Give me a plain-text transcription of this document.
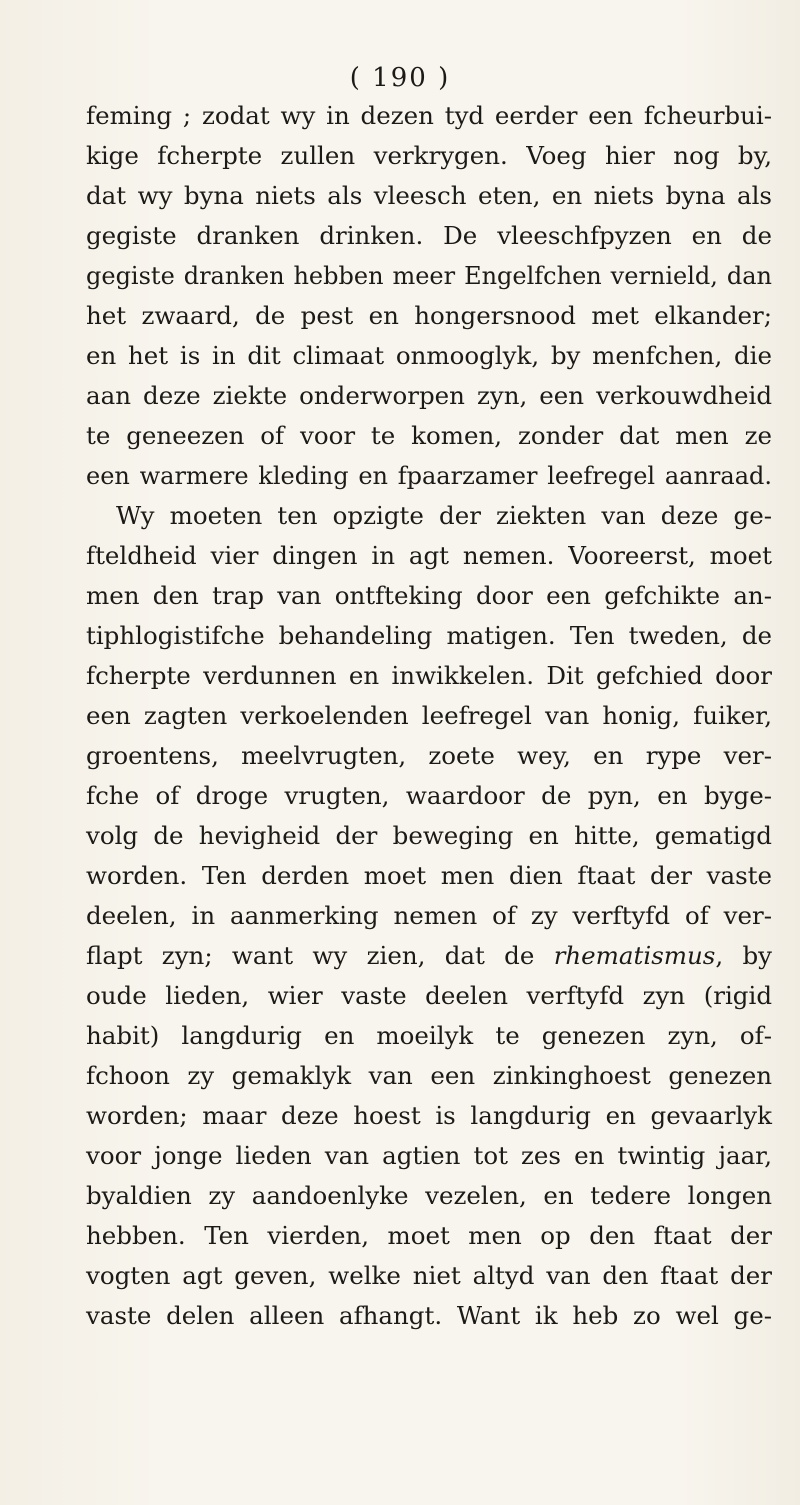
( 190 )
feming ; zodat wy in dezen tyd eerder een fcheurbui‑
kige fcherpte zullen verkrygen. Voeg hier nog by,
dat wy byna niets als vleesch eten, en niets byna als
gegiste dranken drinken. De vleeschfpyzen en de
gegiste dranken hebben meer Engelfchen vernield, dan
het zwaard, de pest en hongersnood met elkander;
en het is in dit climaat onmooglyk, by menfchen, die
aan deze ziekte onderworpen zyn, een verkouwdheid
te geneezen of voor te komen, zonder dat men ze
een warmere kleding en fpaarzamer leefregel aanraad.
Wy moeten ten opzigte der ziekten van deze ge‑
fteldheid vier dingen in agt nemen. Vooreerst, moet
men den trap van ontfteking door een gefchikte an‑
tiphlogistifche behandeling matigen. Ten tweden, de
fcherpte verdunnen en inwikkelen. Dit gefchied door
een zagten verkoelenden leefregel van honig, fuiker,
groentens, meelvrugten, zoete wey, en rype ver‑
fche of droge vrugten, waardoor de pyn, en byge‑
volg de hevigheid der beweging en hitte, gematigd
worden. Ten derden moet men dien ftaat der vaste
deelen, in aanmerking nemen of zy verftyfd of ver‑
flapt zyn; want wy zien, dat de rhematismus, by
oude lieden, wier vaste deelen verftyfd zyn (rigid
habit) langdurig en moeilyk te genezen zyn, of‑
fchoon zy gemaklyk van een zinkinghoest genezen
worden; maar deze hoest is langdurig en gevaarlyk
voor jonge lieden van agtien tot zes en twintig jaar,
byaldien zy aandoenlyke vezelen, en tedere longen
hebben. Ten vierden, moet men op den ftaat der
vogten agt geven, welke niet altyd van den ftaat der
vaste delen alleen afhangt. Want ik heb zo wel ge‑
